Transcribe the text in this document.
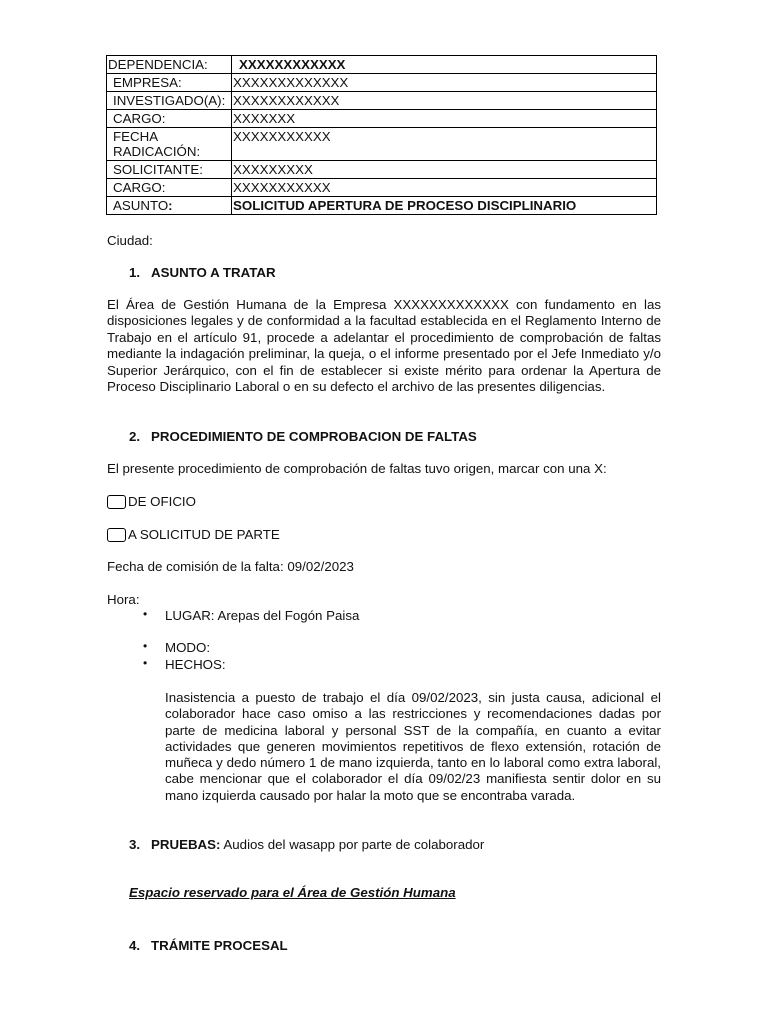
DEPENDENCIA:	XXXXXXXXXXXX
EMPRESA:	XXXXXXXXXXXXX
INVESTIGADO(A):	XXXXXXXXXXXX
CARGO:	XXXXXXX
FECHA RADICACIÓN:	XXXXXXXXXXX
SOLICITANTE:	XXXXXXXXX
CARGO:	XXXXXXXXXXX
ASUNTO:	SOLICITUD APERTURA DE PROCESO DISCIPLINARIO
Ciudad:
1. ASUNTO A TRATAR
El Área de Gestión Humana de la Empresa XXXXXXXXXXXXX con fundamento en las disposiciones legales y de conformidad a la facultad establecida en el Reglamento Interno de Trabajo en el artículo 91, procede a adelantar el procedimiento de comprobación de faltas mediante la indagación preliminar, la queja, o el informe presentado por el Jefe Inmediato y/o Superior Jerárquico, con el fin de establecer si existe mérito para ordenar la Apertura de Proceso Disciplinario Laboral o en su defecto el archivo de las presentes diligencias.
2. PROCEDIMIENTO DE COMPROBACION DE FALTAS
El presente procedimiento de comprobación de faltas tuvo origen, marcar con una X:
DE OFICIO
A SOLICITUD DE PARTE
Fecha de comisión de la falta: 09/02/2023
Hora:
• LUGAR: Arepas del Fogón Paisa
• MODO:
• HECHOS:
Inasistencia a puesto de trabajo el día 09/02/2023, sin justa causa, adicional el colaborador hace caso omiso a las restricciones y recomendaciones dadas por parte de medicina laboral y personal SST de la compañía, en cuanto a evitar actividades que generen movimientos repetitivos de flexo extensión, rotación de muñeca y dedo número 1 de mano izquierda, tanto en lo laboral como extra laboral, cabe mencionar que el colaborador el día 09/02/23 manifiesta sentir dolor en su mano izquierda causado por halar la moto que se encontraba varada.
3. PRUEBAS: Audios del wasapp por parte de colaborador
Espacio reservado para el Área de Gestión Humana
4. TRÁMITE PROCESAL
